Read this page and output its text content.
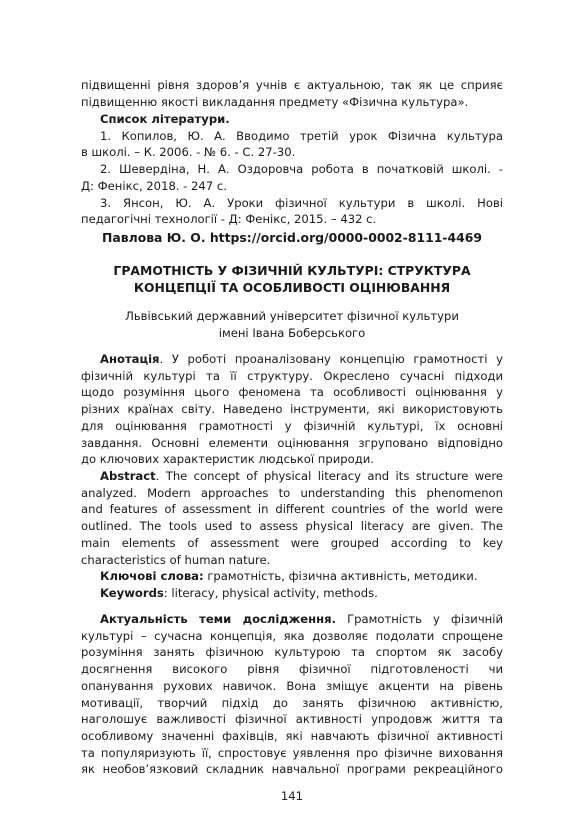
підвищенні рівня здоров’я учнів є актуальною, так як це сприяє

підвищенню якості викладання предмету «Фізична культура».

Список літератури.

1. Копилов, Ю. А. Вводимо третій урок Фізична культура

в школі. – К. 2006. - № 6. - С. 27-30.

2. Шевердіна, Н. А. Оздоровча робота в початковій школі. -

Д: Фенікс, 2018. - 247 с.

3. Янсон, Ю. А. Уроки фізичної культури в школі. Нові

педагогічні технології - Д: Фенікс, 2015. – 432 с.

Павлова Ю. О. https://orcid.org/0000-0002-8111-4469

ГРАМОТНІСТЬ У ФІЗИЧНІЙ КУЛЬТУРІ: СТРУКТУРА

КОНЦЕПЦІЇ ТА ОСОБЛИВОСТІ ОЦІНЮВАННЯ

Львівський державний університет фізичної культури

імені Івана Боберського

Анотація. У роботі проаналізовану концепцію грамотності у

фізичній культурі та її структуру. Окреслено сучасні підходи

щодо розуміння цього феномена та особливості оцінювання у

різних країнах світу. Наведено інструменти, які використовують

для оцінювання грамотності у фізичній культурі, їх основні

завдання. Основні елементи оцінювання згруповано відповідно

до ключових характеристик людської природи.

Abstract. The concept of physical literacy and its structure were

analyzed. Modern approaches to understanding this phenomenon

and features of assessment in different countries of the world were

outlined. The tools used to assess physical literacy are given. The

main elements of assessment were grouped according to key

characteristics of human nature.

Ключові слова: грамотність, фізична активність, методики.

Keywords: literacy, physical activity, methods.

Актуальність теми дослідження. Грамотність у фізичній

культурі – сучасна концепція, яка дозволяє подолати спрощене

розуміння занять фізичною культурою та спортом як засобу

досягнення високого рівня фізичної підготовленості чи

опанування рухових навичок. Вона зміщує акценти на рівень

мотивації, творчий підхід до занять фізичною активністю,

наголошує важливості фізичної активності упродовж життя та

особливому значенні фахівців, які навчають фізичної активності

та популяризують її, спростовує уявлення про фізичне виховання

як необов’язковий складник навчальної програми рекреаційного

141
